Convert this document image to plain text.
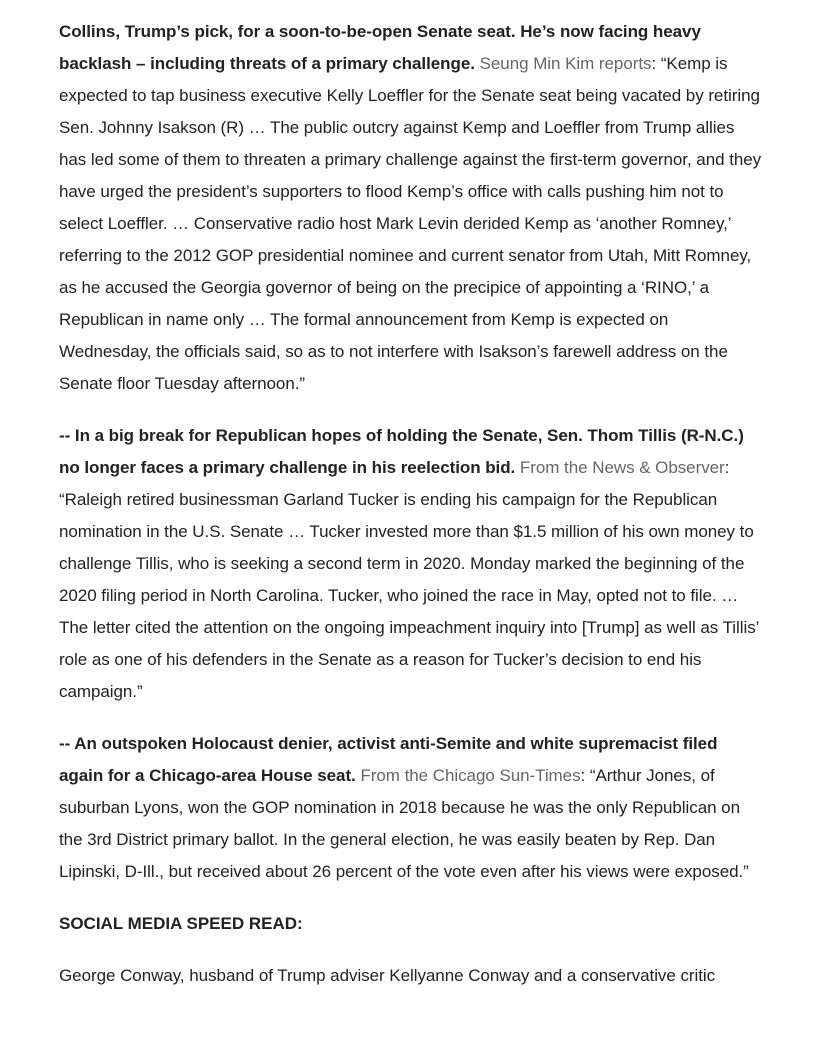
Collins, Trump’s pick, for a soon-to-be-open Senate seat. He’s now facing heavy backlash – including threats of a primary challenge. Seung Min Kim reports: “Kemp is expected to tap business executive Kelly Loeffler for the Senate seat being vacated by retiring Sen. Johnny Isakson (R) … The public outcry against Kemp and Loeffler from Trump allies has led some of them to threaten a primary challenge against the first-term governor, and they have urged the president’s supporters to flood Kemp’s office with calls pushing him not to select Loeffler. … Conservative radio host Mark Levin derided Kemp as ‘another Romney,’ referring to the 2012 GOP presidential nominee and current senator from Utah, Mitt Romney, as he accused the Georgia governor of being on the precipice of appointing a ‘RINO,’ a Republican in name only … The formal announcement from Kemp is expected on Wednesday, the officials said, so as to not interfere with Isakson’s farewell address on the Senate floor Tuesday afternoon.”

-- In a big break for Republican hopes of holding the Senate, Sen. Thom Tillis (R-N.C.) no longer faces a primary challenge in his reelection bid. From the News & Observer: “Raleigh retired businessman Garland Tucker is ending his campaign for the Republican nomination in the U.S. Senate … Tucker invested more than $1.5 million of his own money to challenge Tillis, who is seeking a second term in 2020. Monday marked the beginning of the 2020 filing period in North Carolina. Tucker, who joined the race in May, opted not to file. … The letter cited the attention on the ongoing impeachment inquiry into [Trump] as well as Tillis’ role as one of his defenders in the Senate as a reason for Tucker’s decision to end his campaign.”

-- An outspoken Holocaust denier, activist anti-Semite and white supremacist filed again for a Chicago-area House seat. From the Chicago Sun-Times: “Arthur Jones, of suburban Lyons, won the GOP nomination in 2018 because he was the only Republican on the 3rd District primary ballot. In the general election, he was easily beaten by Rep. Dan Lipinski, D-Ill., but received about 26 percent of the vote even after his views were exposed.”

SOCIAL MEDIA SPEED READ:

George Conway, husband of Trump adviser Kellyanne Conway and a conservative critic
